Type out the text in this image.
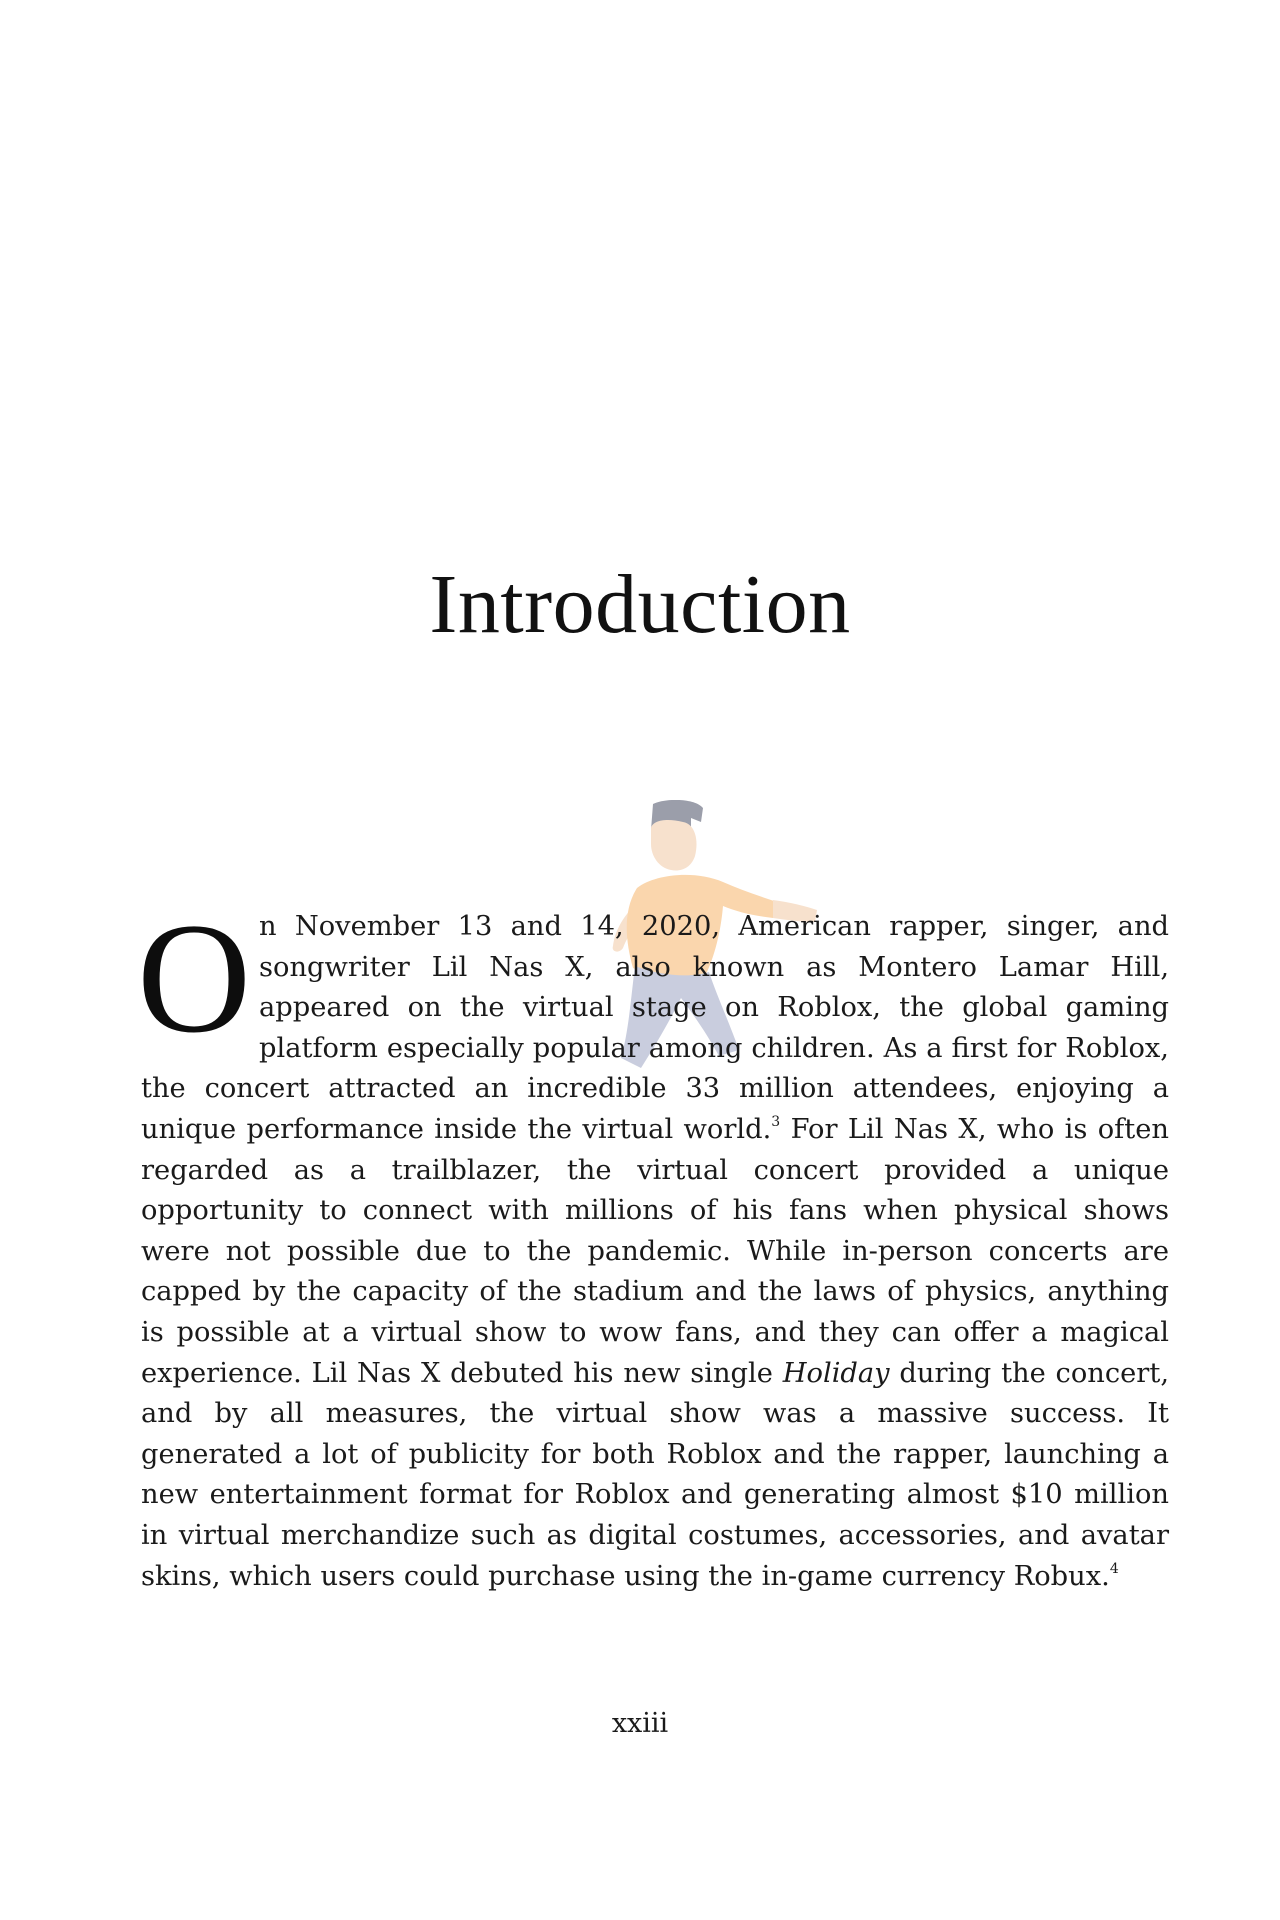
Introduction

On November 13 and 14, 2020, American rapper, singer, and songwriter Lil Nas X, also known as Montero Lamar Hill, appeared on the virtual stage on Roblox, the global gaming platform especially popular among children. As a first for Roblox, the concert attracted an incredible 33 million attendees, enjoying a unique performance inside the virtual world.$^3$ For Lil Nas X, who is often regarded as a trailblazer, the virtual concert provided a unique opportunity to connect with millions of his fans when physical shows were not possible due to the pandemic. While in-person concerts are capped by the capacity of the stadium and the laws of physics, anything is possible at a virtual show to wow fans, and they can offer a magical experience. Lil Nas X debuted his new single Holiday during the concert, and by all measures, the virtual show was a massive success. It generated a lot of publicity for both Roblox and the rapper, launching a new entertainment format for Roblox and generating almost $10 million in virtual merchandize such as digital costumes, accessories, and avatar skins, which users could purchase using the in-game currency Robux.$^4$

xxiii
